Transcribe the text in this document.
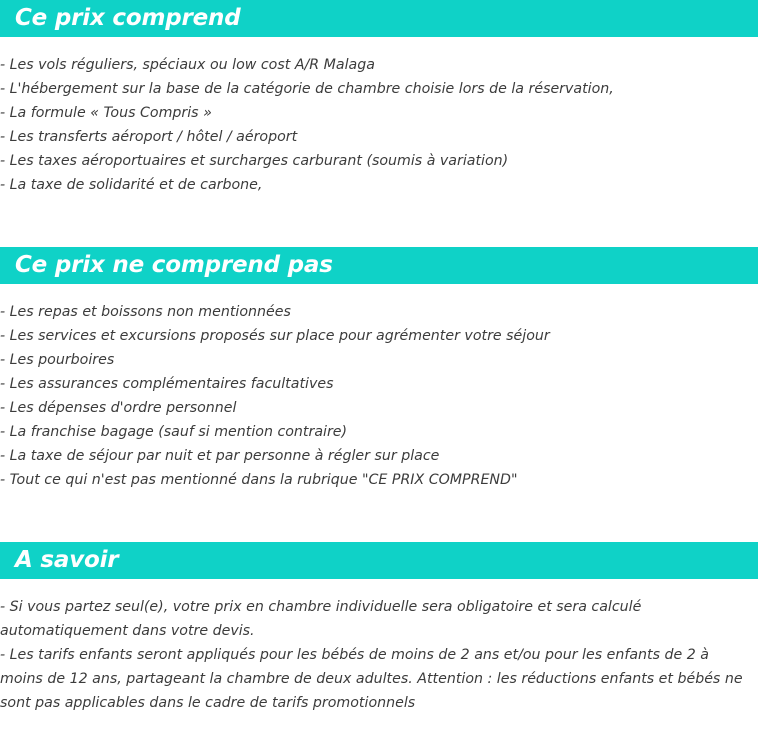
Ce prix comprend
- Les vols réguliers, spéciaux ou low cost A/R Malaga
- L'hébergement sur la base de la catégorie de chambre choisie lors de la réservation,
- La formule « Tous Compris »
- Les transferts aéroport / hôtel / aéroport
- Les taxes aéroportuaires et surcharges carburant (soumis à variation)
- La taxe de solidarité et de carbone,
Ce prix ne comprend pas
- Les repas et boissons non mentionnées
- Les services et excursions proposés sur place pour agrémenter votre séjour
- Les pourboires
- Les assurances complémentaires facultatives
- Les dépenses d'ordre personnel
- La franchise bagage (sauf si mention contraire)
- La taxe de séjour par nuit et par personne à régler sur place
- Tout ce qui n'est pas mentionné dans la rubrique "CE PRIX COMPREND"
A savoir

- Si vous partez seul(e), votre prix en chambre individuelle sera obligatoire et sera calculé automatiquement dans votre devis.

- Les tarifs enfants seront appliqués pour les bébés de moins de 2 ans et/ou pour les enfants de 2 à moins de 12 ans, partageant la chambre de deux adultes. Attention : les réductions enfants et bébés ne sont pas applicables dans le cadre de tarifs promotionnels
